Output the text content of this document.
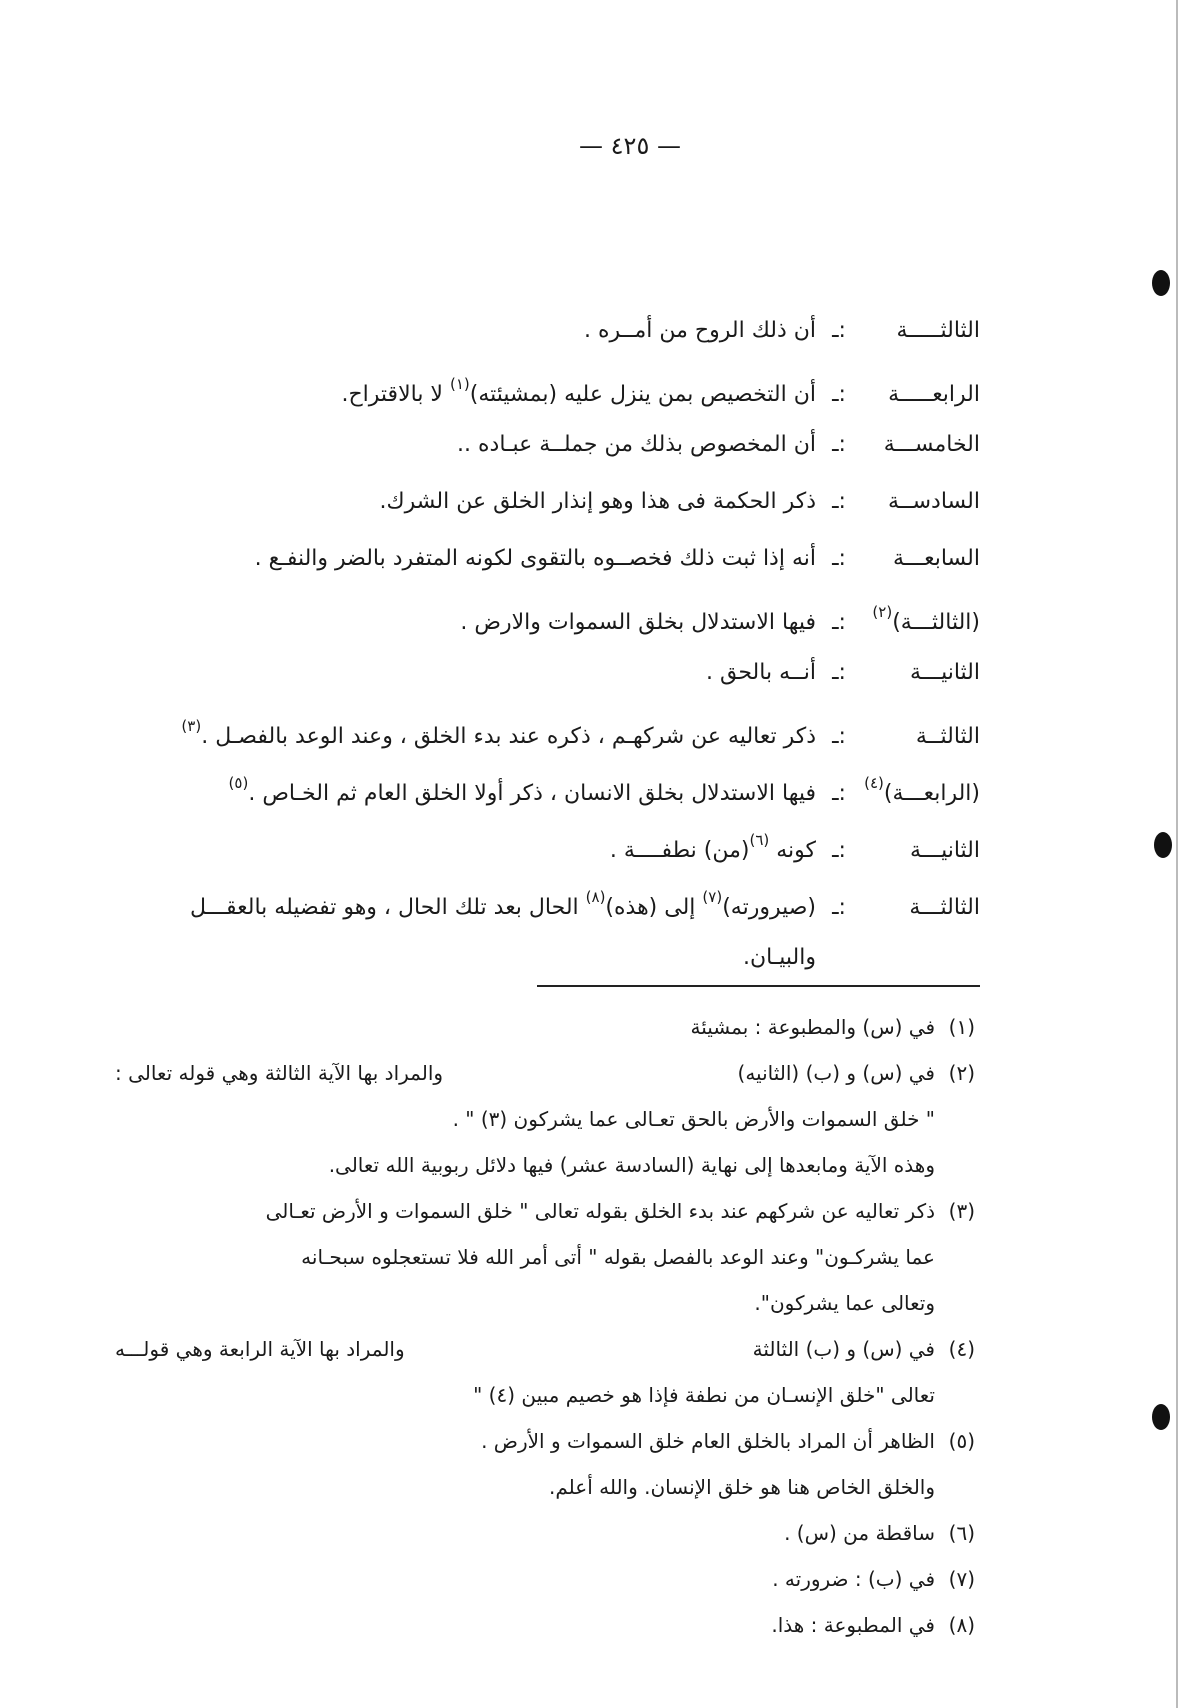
— ٤٢٥ —
الثالثـــــة
:ـ
أن ذلك الروح من أمــره .
الرابعـــــة
:ـ
أن التخصيص بمن ينزل عليه (بمشيئته)$^{(١)}$ لا بالاقتراح.
الخامســـة
:ـ
أن المخصوص بذلك من جملــة عبـاده ..
السادســة
:ـ
ذكر الحكمة فى هذا وهو إنذار الخلق عن الشرك.
السابعـــة
:ـ
أنه إذا ثبت ذلك فخصــوه بالتقوى لكونه المتفرد بالضر والنفـع .
(الثالثـــة)$^{(٢)}$
:ـ
فيها الاستدلال بخلق السموات والارض .
الثانيـــة
:ـ
أنــه بالحق .
الثالثــة
:ـ
ذكر تعاليه عن شركهـم ، ذكره عند بدء الخلق ، وعند الوعد بالفصـل .$^{(٣)}$
(الرابعـــة)$^{(٤)}$
:ـ
فيها الاستدلال بخلق الانسان ، ذكر أولا الخلق العام ثم الخـاص .$^{(٥)}$
الثانيـــة
:ـ
كونه $^{(٦)}$(من) نطفــــة .
الثالثـــة
:ـ
(صيرورته)$^{(٧)}$ إلى (هذه)$^{(٨)}$ الحال بعد تلك الحال ، وهو تفضيله بالعقـــل
والبيـان.
(١)
في (س) والمطبوعة : بمشيئة
(٢)
في (س) و (ب) (الثانيه)
والمراد بها الآية الثالثة وهي قوله تعالى :
" خلق السموات والأرض بالحق تعـالى عما يشركون (٣) " .
وهذه الآية ومابعدها إلى نهاية (السادسة عشر) فيها دلائل ربوبية الله تعالى.
(٣)
ذكر تعاليه عن شركهم عند بدء الخلق بقوله تعالى " خلق السموات و الأرض تعـالى
عما يشركـون" وعند الوعد بالفصل بقوله " أتى أمر الله فلا تستعجلوه سبحـانه
وتعالى عما يشركون".
(٤)
في (س) و (ب) الثالثة
والمراد بها الآية الرابعة وهي قولـــه
تعالى "خلق الإنسـان من نطفة فإذا هو خصيم مبين (٤) "
(٥)
الظاهر أن المراد بالخلق العام خلق السموات و الأرض .
والخلق الخاص هنا هو خلق الإنسان. والله أعلم.
(٦)
ساقطة من (س) .
(٧)
في (ب) : ضرورته .
(٨)
في المطبوعة : هذا.
